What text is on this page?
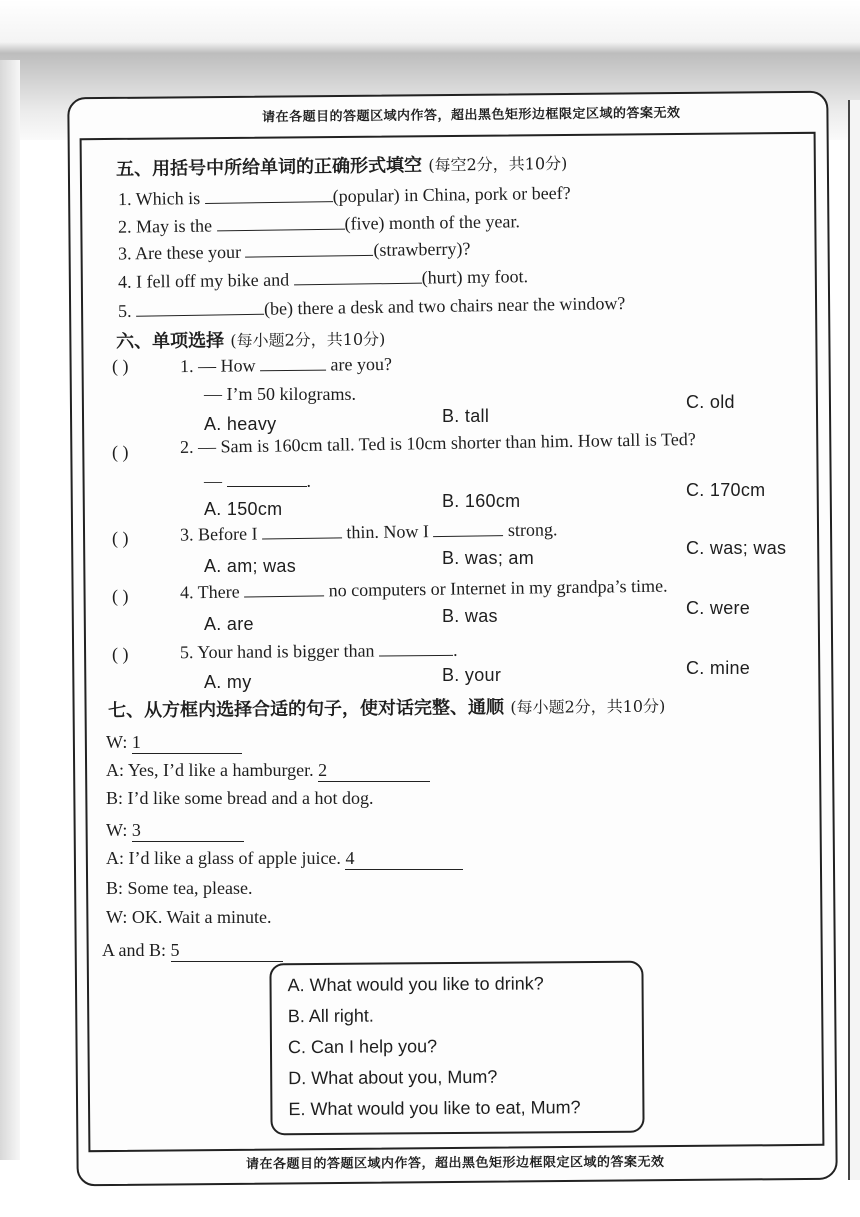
请在各题目的答题区域内作答，超出黑色矩形边框限定区域的答案无效
五、用括号中所给单词的正确形式填空 (每空2分，共10分)
1. Which is	(popular) in China, pork or beef?
2. May is the	(five) month of the year.
3. Are these your	(strawberry)?
4. I fell off my bike and	(hurt) my foot.
5.	(be) there a desk and two chairs near the window?
六、单项选择 (每小题2分，共10分)
( )	1. — How	are you?
— I’m 50 kilograms.
A. heavy	B. tall
C. old
( )	2. — Sam is 160cm tall. Ted is 10cm shorter than him. How tall is Ted?
—	.
A. 150cm	B. 160cm
C. 170cm
( )	3. Before I	thin. Now I	strong.
A. am; was	B. was; am	C. was; was
( )	4. There	no computers or Internet in my grandpa’s time.
A. are	B. was	C. were
( )	5. Your hand is bigger than	.
A. my	B. your	C. mine
七、从方框内选择合适的句子，使对话完整、通顺 (每小题2分，共10分)
W: 1
A: Yes, I’d like a hamburger. 2
B: I’d like some bread and a hot dog.
W: 3
A: I’d like a glass of apple juice. 4
B: Some tea, please.
W: OK. Wait a minute.
A and B: 5
A. What would you like to drink?
B. All right.
C. Can I help you?
D. What about you, Mum?
E. What would you like to eat, Mum?
请在各题目的答题区域内作答，超出黑色矩形边框限定区域的答案无效
